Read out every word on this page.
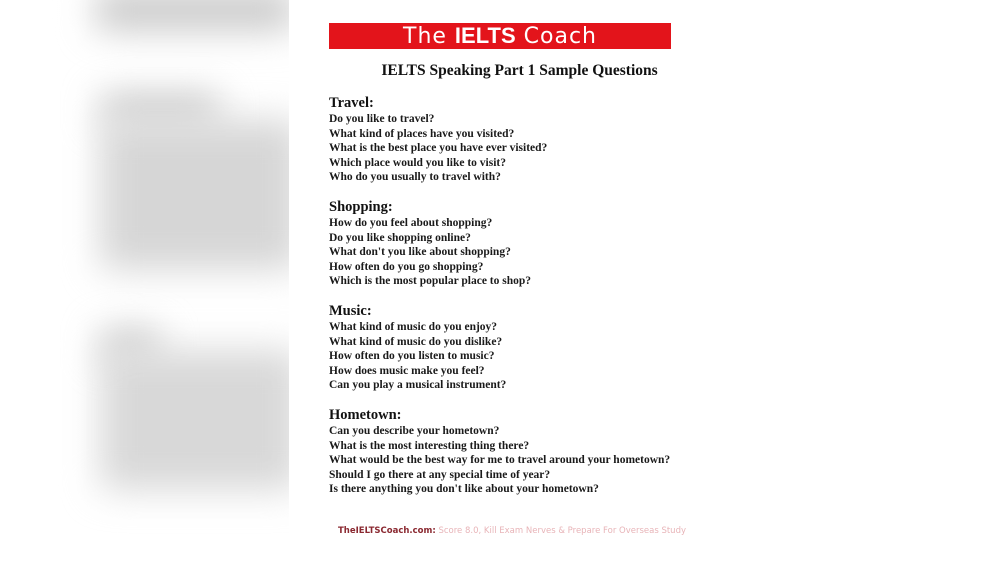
The IELTS Coach
IELTS Speaking Part 1 Sample Questions
Travel:
Do you like to travel?
What kind of places have you visited?
What is the best place you have ever visited?
Which place would you like to visit?
Who do you usually to travel with?
Shopping:
How do you feel about shopping?
Do you like shopping online?
What don't you like about shopping?
How often do you go shopping?
Which is the most popular place to shop?
Music:
What kind of music do you enjoy?
What kind of music do you dislike?
How often do you listen to music?
How does music make you feel?
Can you play a musical instrument?
Hometown:
Can you describe your hometown?
What is the most interesting thing there?
What would be the best way for me to travel around your hometown?
Should I go there at any special time of year?
Is there anything you don't like about your hometown?
TheIELTSCoach.com: Score 8.0, Kill Exam Nerves & Prepare For Overseas Study
